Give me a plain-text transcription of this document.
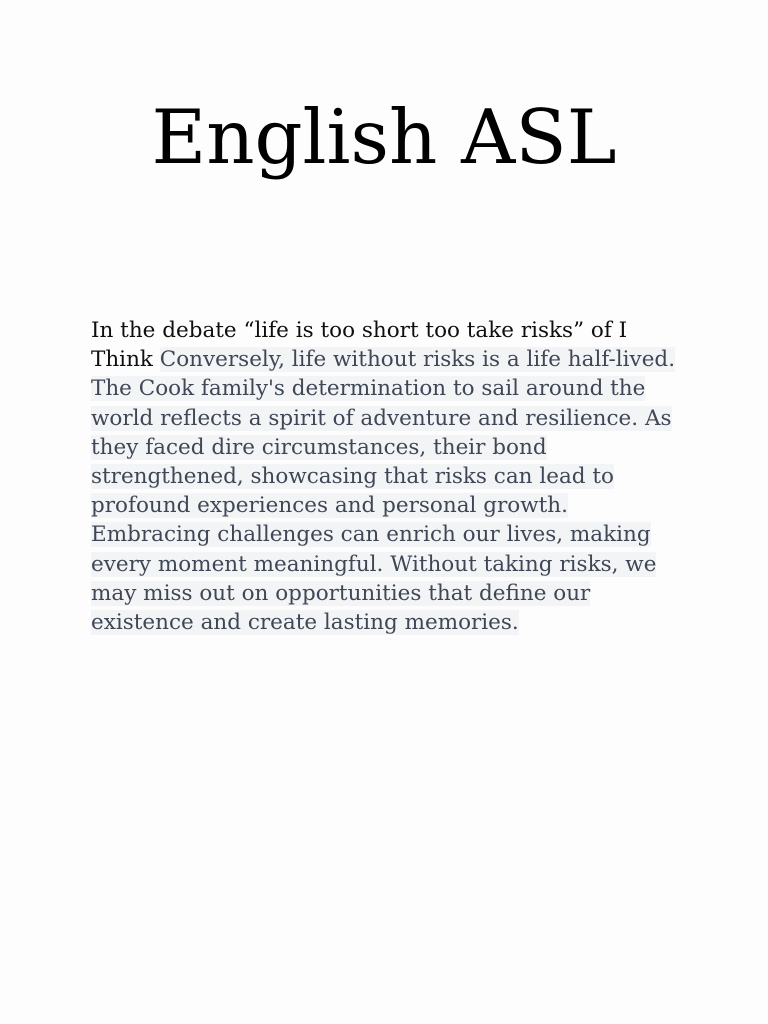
English ASL

In the debate “life is too short too take risks” of I Think Conversely, life without risks is a life half-lived. The Cook family's determination to sail around the world reflects a spirit of adventure and resilience. As they faced dire circumstances, their bond strengthened, showcasing that risks can lead to profound experiences and personal growth. Embracing challenges can enrich our lives, making every moment meaningful. Without taking risks, we may miss out on opportunities that define our existence and create lasting memories.
